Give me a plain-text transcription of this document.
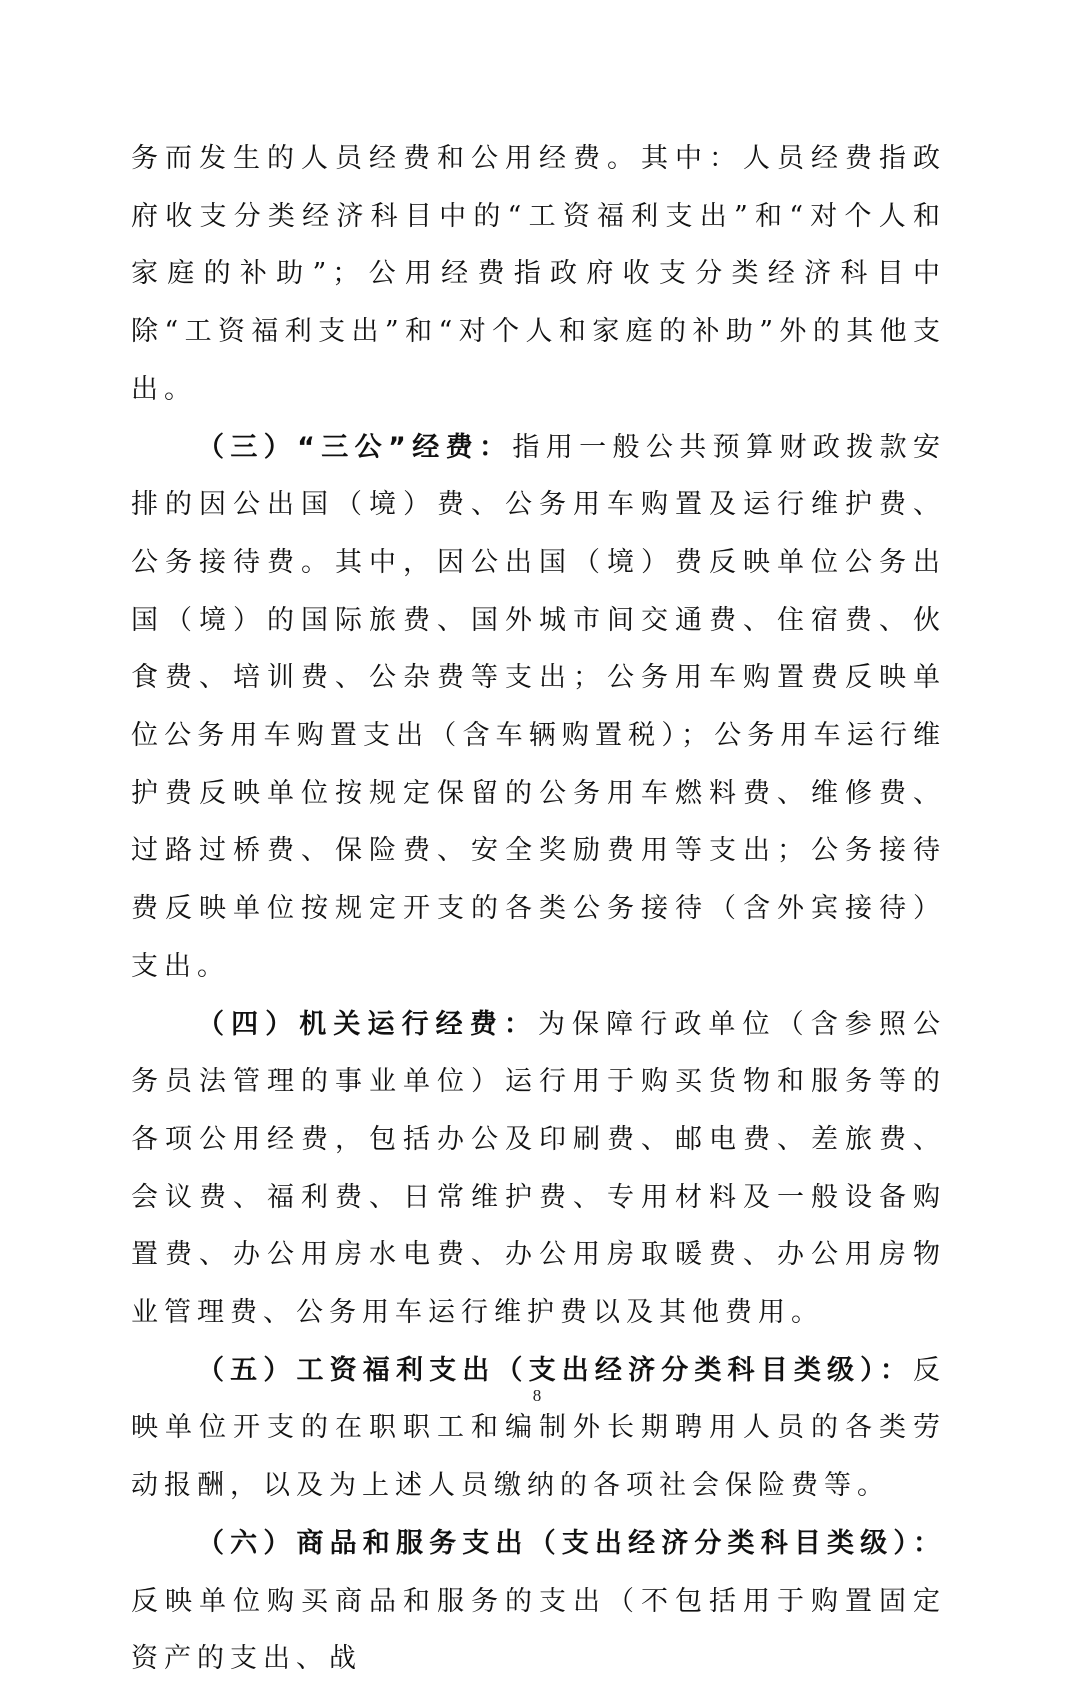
务而发生的人员经费和公用经费。其中：人员经费指政府收支分类经济科目中的“工资福利支出”和“对个人和家庭的补助”；公用经费指政府收支分类经济科目中除“工资福利支出”和“对个人和家庭的补助”外的其他支出。

（三）“三公”经费：指用一般公共预算财政拨款安排的因公出国（境）费、公务用车购置及运行维护费、公务接待费。其中，因公出国（境）费反映单位公务出国（境）的国际旅费、国外城市间交通费、住宿费、伙食费、培训费、公杂费等支出；公务用车购置费反映单位公务用车购置支出（含车辆购置税）；公务用车运行维护费反映单位按规定保留的公务用车燃料费、维修费、过路过桥费、保险费、安全奖励费用等支出；公务接待费反映单位按规定开支的各类公务接待（含外宾接待）支出。

（四）机关运行经费：为保障行政单位（含参照公务员法管理的事业单位）运行用于购买货物和服务等的各项公用经费，包括办公及印刷费、邮电费、差旅费、会议费、福利费、日常维护费、专用材料及一般设备购置费、办公用房水电费、办公用房取暖费、办公用房物业管理费、公务用车运行维护费以及其他费用。

（五）工资福利支出（支出经济分类科目类级）：反映单位开支的在职职工和编制外长期聘用人员的各类劳动报酬，以及为上述人员缴纳的各项社会保险费等。

（六）商品和服务支出（支出经济分类科目类级）：反映单位购买商品和服务的支出（不包括用于购置固定资产的支出、战

8
